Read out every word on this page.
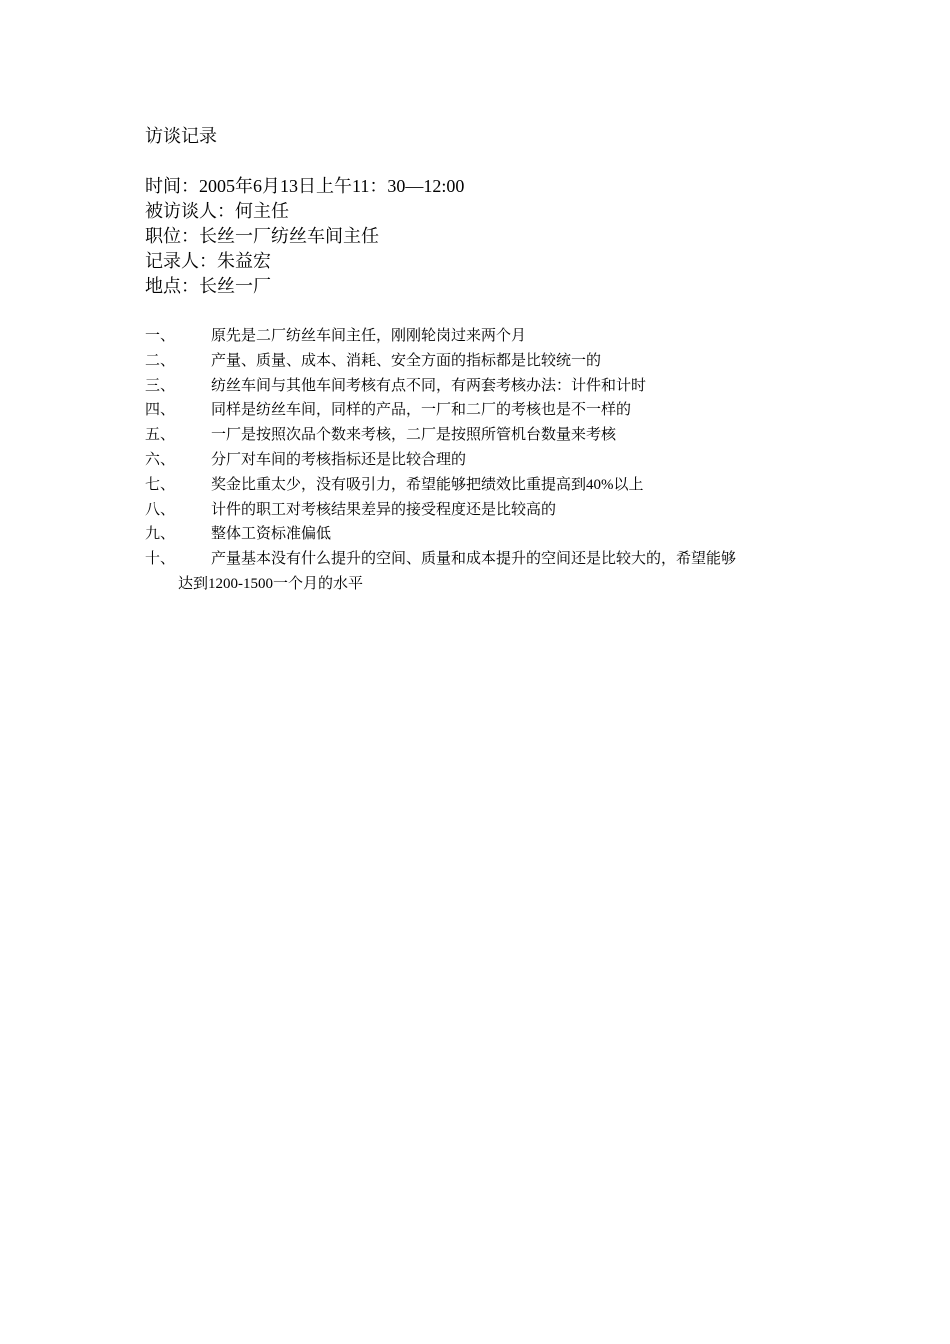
访谈记录
时间：2005年6月13日上午11：30—12:00
被访谈人：何主任
职位：长丝一厂纺丝车间主任
记录人：朱益宏
地点：长丝一厂
一、 原先是二厂纺丝车间主任，刚刚轮岗过来两个月
二、 产量、质量、成本、消耗、安全方面的指标都是比较统一的
三、 纺丝车间与其他车间考核有点不同，有两套考核办法：计件和计时
四、 同样是纺丝车间，同样的产品，一厂和二厂的考核也是不一样的
五、 一厂是按照次品个数来考核，二厂是按照所管机台数量来考核
六、 分厂对车间的考核指标还是比较合理的
七、 奖金比重太少，没有吸引力，希望能够把绩效比重提高到40%以上
八、 计件的职工对考核结果差异的接受程度还是比较高的
九、 整体工资标准偏低
十、 产量基本没有什么提升的空间、质量和成本提升的空间还是比较大的，希望能够
达到1200-1500一个月的水平
